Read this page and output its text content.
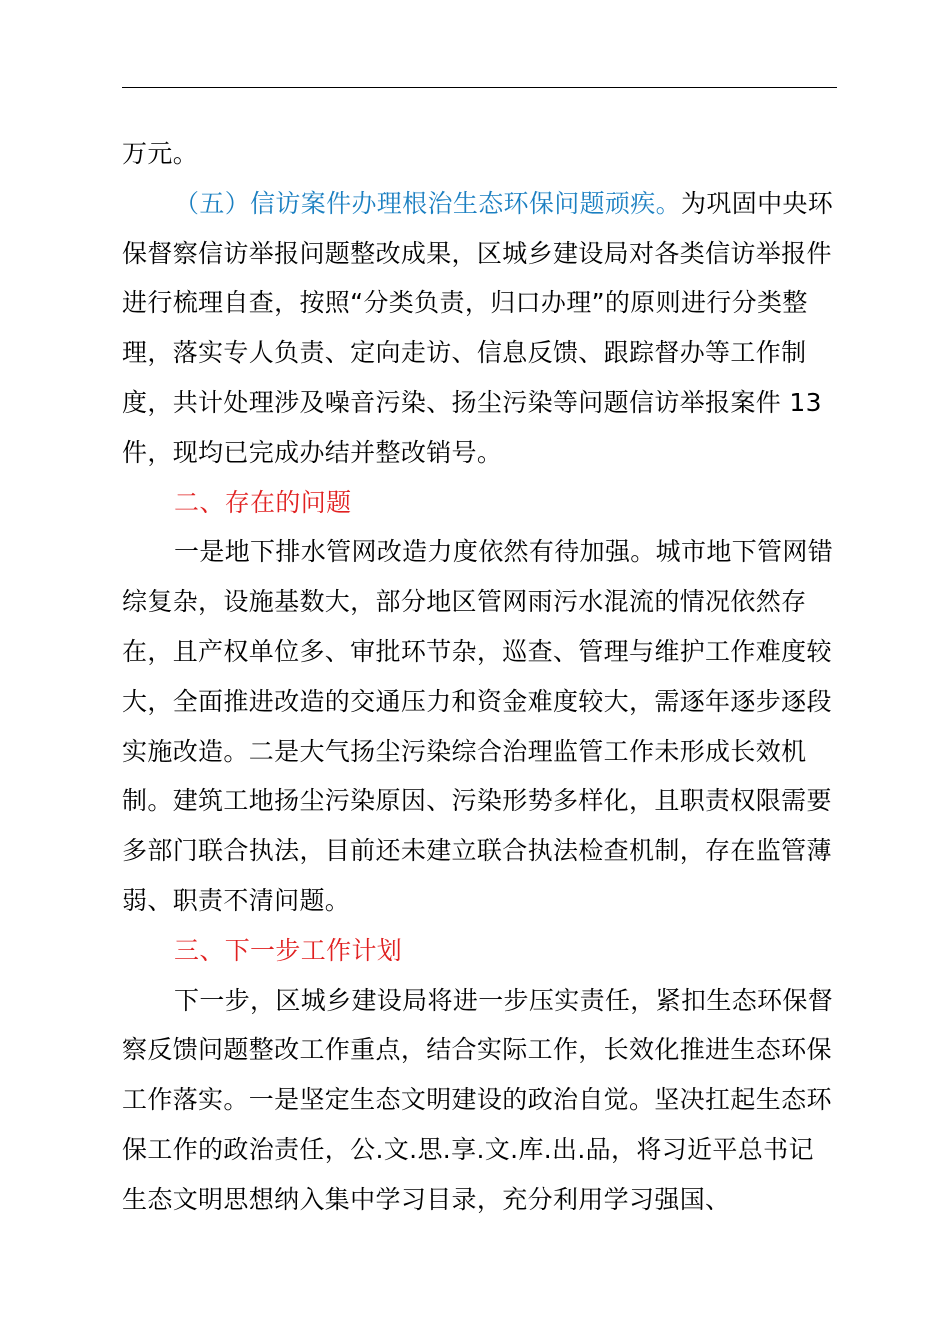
万元。

（五）信访案件办理根治生态环保问题顽疾。为巩固中央环保督察信访举报问题整改成果，区城乡建设局对各类信访举报件进行梳理自查，按照“分类负责，归口办理”的原则进行分类整理，落实专人负责、定向走访、信息反馈、跟踪督办等工作制度，共计处理涉及噪音污染、扬尘污染等问题信访举报案件 13 件，现均已完成办结并整改销号。

二、存在的问题

一是地下排水管网改造力度依然有待加强。城市地下管网错综复杂，设施基数大，部分地区管网雨污水混流的情况依然存在，且产权单位多、审批环节杂，巡查、管理与维护工作难度较大，全面推进改造的交通压力和资金难度较大，需逐年逐步逐段实施改造。二是大气扬尘污染综合治理监管工作未形成长效机制。建筑工地扬尘污染原因、污染形势多样化，且职责权限需要多部门联合执法，目前还未建立联合执法检查机制，存在监管薄弱、职责不清问题。

三、下一步工作计划

下一步，区城乡建设局将进一步压实责任，紧扣生态环保督察反馈问题整改工作重点，结合实际工作，长效化推进生态环保工作落实。一是坚定生态文明建设的政治自觉。坚决扛起生态环保工作的政治责任，公.文.思.享.文.库.出.品，将习近平总书记生态文明思想纳入集中学习目录，充分利用学习强国、
